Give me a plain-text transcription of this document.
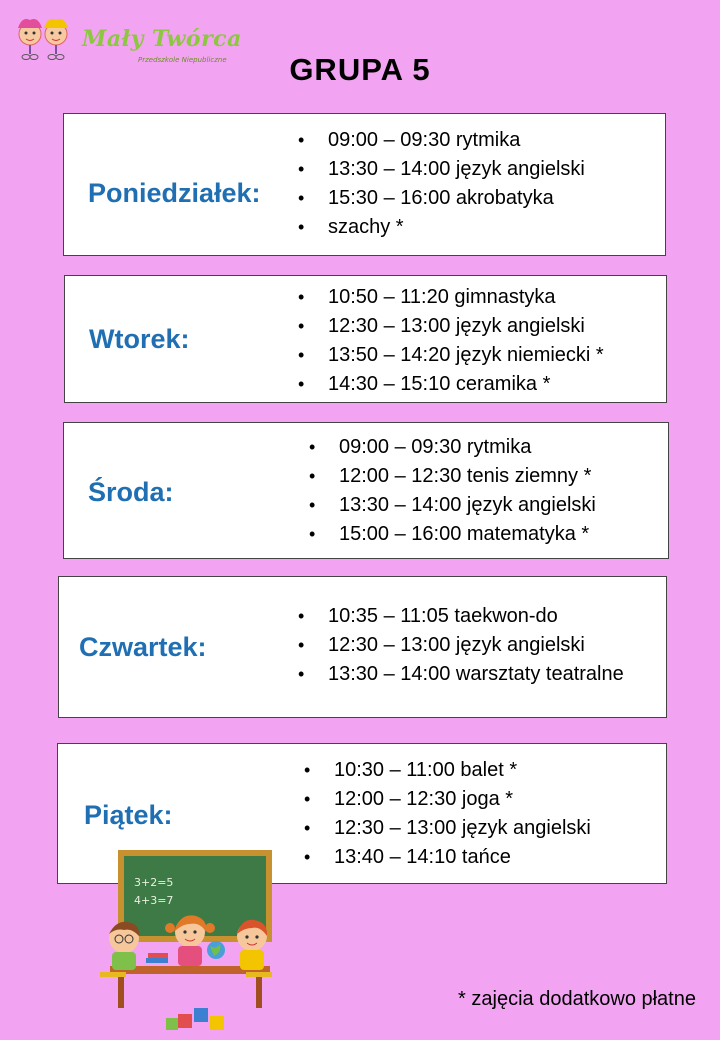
Mały Twórca
Przedszkole Niepubliczne	GRUPA 5
Poniedziałek:
• 09:00 – 09:30 rytmika
• 13:30 – 14:00 język angielski
• 15:30 – 16:00 akrobatyka
• szachy *
Wtorek:
• 10:50 – 11:20 gimnastyka
• 12:30 – 13:00 język angielski
• 13:50 – 14:20 język niemiecki *
• 14:30 – 15:10 ceramika *
Środa:
• 09:00 – 09:30 rytmika
• 12:00 – 12:30 tenis ziemny *
• 13:30 – 14:00 język angielski
• 15:00 – 16:00 matematyka *
Czwartek:
• 10:35 – 11:05 taekwon-do
• 12:30 – 13:00 język angielski
• 13:30 – 14:00 warsztaty teatralne
Piątek:
• 10:30 – 11:00 balet *
• 12:00 – 12:30 joga *
• 12:30 – 13:00 język angielski
• 13:40 – 14:10 tańce
3+2=5
4+3=7
* zajęcia dodatkowo płatne
